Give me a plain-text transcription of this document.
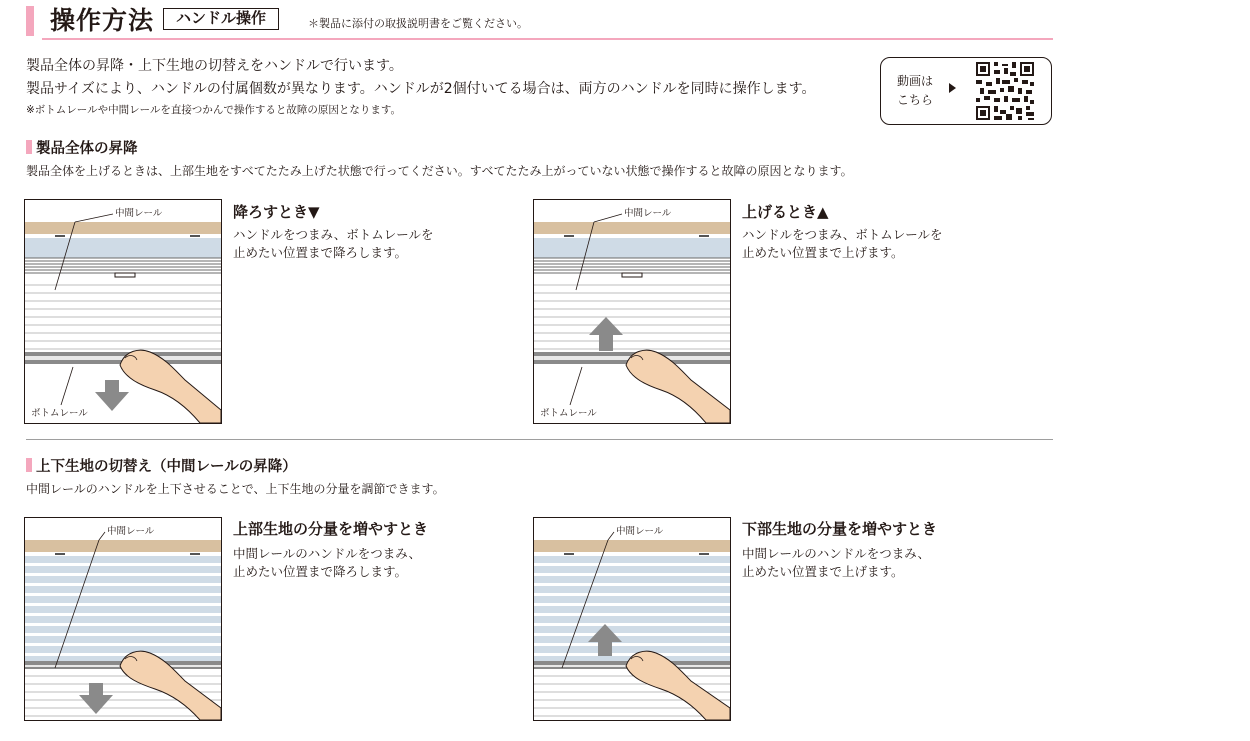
操作方法	ハンドル操作	＊製品に添付の取扱説明書をご覧ください。
製品全体の昇降・上下生地の切替えをハンドルで行います。
製品サイズにより、ハンドルの付属個数が異なります。ハンドルが2個付いてる場合は、両方のハンドルを同時に操作します。
※ボトムレールや中間レールを直接つかんで操作すると故障の原因となります。
動画は
こちら
製品全体の昇降
製品全体を上げるときは、上部生地をすべてたたみ上げた状態で行ってください。すべてたたみ上がっていない状態で操作すると故障の原因となります。
中間レール
ボトムレール
降ろすとき▼
ハンドルをつまみ、ボトムレールを
止めたい位置まで降ろします。
中間レール
ボトムレール
上げるとき▲
ハンドルをつまみ、ボトムレールを
止めたい位置まで上げます。
上下生地の切替え（中間レールの昇降）
中間レールのハンドルを上下させることで、上下生地の分量を調節できます。
中間レール	上部生地の分量を増やすとき
中間レールのハンドルをつまみ、
止めたい位置まで降ろします。
中間レール	下部生地の分量を増やすとき
中間レールのハンドルをつまみ、
止めたい位置まで上げます。
